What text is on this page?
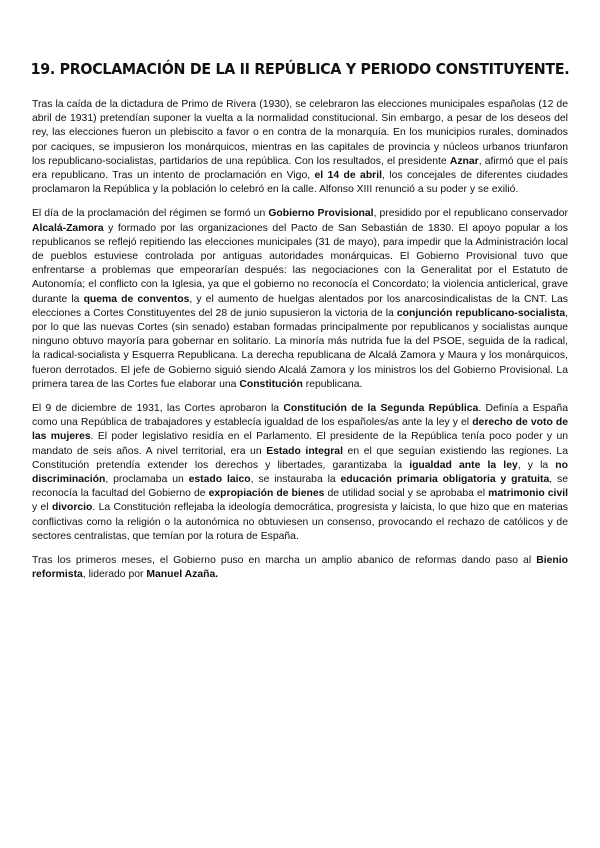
19. PROCLAMACIÓN DE LA II REPÚBLICA Y PERIODO CONSTITUYENTE.

Tras la caída de la dictadura de Primo de Rivera (1930), se celebraron las elecciones municipales españolas (12 de abril de 1931) pretendían suponer la vuelta a la normalidad constitucional. Sin embargo, a pesar de los deseos del rey, las elecciones fueron un plebiscito a favor o en contra de la monarquía. En los municipios rurales, dominados por caciques, se impusieron los monárquicos, mientras en las capitales de provincia y núcleos urbanos triunfaron los republicano-socialistas, partidarios de una república. Con los resultados, el presidente Aznar, afirmó que el país era republicano. Tras un intento de proclamación en Vigo, el 14 de abril, los concejales de diferentes ciudades proclamaron la República y la población lo celebró en la calle. Alfonso XIII renunció a su poder y se exilió.

El día de la proclamación del régimen se formó un Gobierno Provisional, presidido por el republicano conservador Alcalá-Zamora y formado por las organizaciones del Pacto de San Sebastián de 1830. El apoyo popular a los republicanos se reflejó repitiendo las elecciones municipales (31 de mayo), para impedir que la Administración local de pueblos estuviese controlada por antiguas autoridades monárquicas. El Gobierno Provisional tuvo que enfrentarse a problemas que empeorarían después: las negociaciones con la Generalitat por el Estatuto de Autonomía; el conflicto con la Iglesia, ya que el gobierno no reconocía el Concordato; la violencia anticlerical, grave durante la quema de conventos, y el aumento de huelgas alentados por los anarcosindicalistas de la CNT. Las elecciones a Cortes Constituyentes del 28 de junio supusieron la victoria de la conjunción republicano-socialista, por lo que las nuevas Cortes (sin senado) estaban formadas principalmente por republicanos y socialistas aunque ninguno obtuvo mayoría para gobernar en solitario. La minoría más nutrida fue la del PSOE, seguida de la radical, la radical-socialista y Esquerra Republicana. La derecha republicana de Alcalá Zamora y Maura y los monárquicos, fueron derrotados. El jefe de Gobierno siguió siendo Alcalá Zamora y los ministros los del Gobierno Provisional. La primera tarea de las Cortes fue elaborar una Constitución republicana.

El 9 de diciembre de 1931, las Cortes aprobaron la Constitución de la Segunda República. Definía a España como una República de trabajadores y establecía igualdad de los españoles/as ante la ley y el derecho de voto de las mujeres. El poder legislativo residía en el Parlamento. El presidente de la República tenía poco poder y un mandato de seis años. A nivel territorial, era un Estado integral en el que seguían existiendo las regiones. La Constitución pretendía extender los derechos y libertades, garantizaba la igualdad ante la ley, y la no discriminación, proclamaba un estado laico, se instauraba la educación primaria obligatoria y gratuita, se reconocía la facultad del Gobierno de expropiación de bienes de utilidad social y se aprobaba el matrimonio civil y el divorcio. La Constitución reflejaba la ideología democrática, progresista y laicista, lo que hizo que en materias conflictivas como la religión o la autonómica no obtuviesen un consenso, provocando el rechazo de católicos y de sectores centralistas, que temían por la rotura de España.

Tras los primeros meses, el Gobierno puso en marcha un amplio abanico de reformas dando paso al Bienio reformista, liderado por Manuel Azaña.
